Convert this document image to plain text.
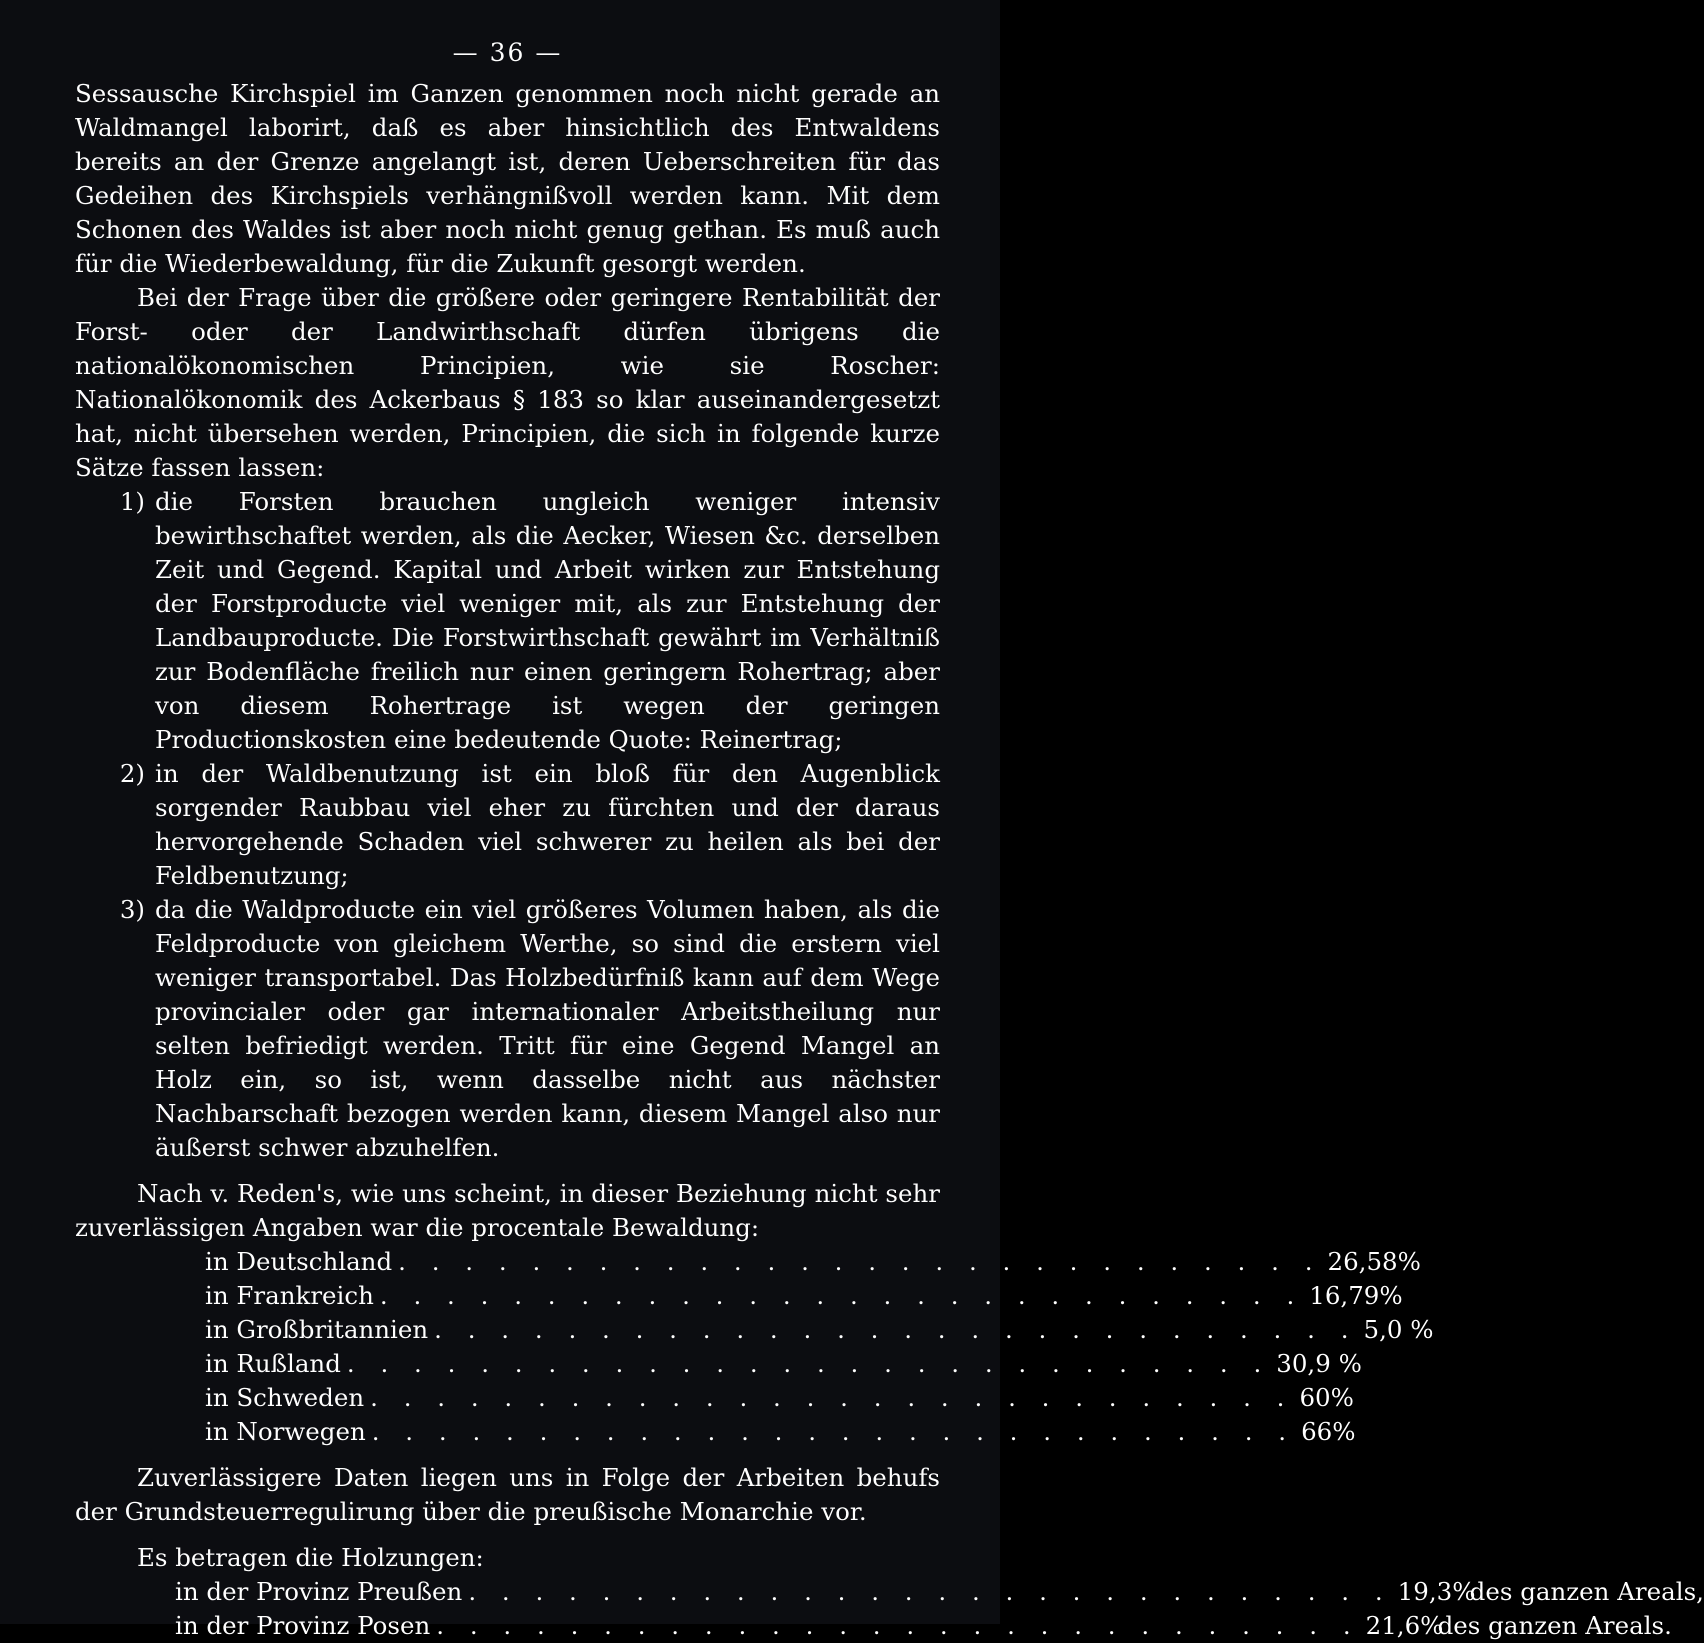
— 36 —

Sessausche Kirchspiel im Ganzen genommen noch nicht gerade an Waldmangel laborirt, daß es aber hinsichtlich des Entwaldens bereits an der Grenze angelangt ist, deren Ueberschreiten für das Gedeihen des Kirchspiels verhängnißvoll werden kann. Mit dem Schonen des Waldes ist aber noch nicht genug gethan. Es muß auch für die Wiederbewaldung, für die Zukunft gesorgt werden.

Bei der Frage über die größere oder geringere Rentabilität der Forst- oder der Landwirthschaft dürfen übrigens die nationalökonomischen Principien, wie sie Roscher: Nationalökonomik des Ackerbaus § 183 so klar auseinandergesetzt hat, nicht übersehen werden, Principien, die sich in folgende kurze Sätze fassen lassen:

1) die Forsten brauchen ungleich weniger intensiv bewirthschaftet werden, als die Aecker, Wiesen &c. derselben Zeit und Gegend. Kapital und Arbeit wirken zur Entstehung der Forstproducte viel weniger mit, als zur Entstehung der Landbauproducte. Die Forstwirthschaft gewährt im Verhältniß zur Bodenfläche freilich nur einen geringern Rohertrag; aber von diesem Rohertrage ist wegen der geringen Productionskosten eine bedeutende Quote: Reinertrag;
2) in der Waldbenutzung ist ein bloß für den Augenblick sorgender Raubbau viel eher zu fürchten und der daraus hervorgehende Schaden viel schwerer zu heilen als bei der Feldbenutzung;
3) da die Waldproducte ein viel größeres Volumen haben, als die Feldproducte von gleichem Werthe, so sind die erstern viel weniger transportabel. Das Holzbedürfniß kann auf dem Wege provincialer oder gar internationaler Arbeitstheilung nur selten befriedigt werden. Tritt für eine Gegend Mangel an Holz ein, so ist, wenn dasselbe nicht aus nächster Nachbarschaft bezogen werden kann, diesem Mangel also nur äußerst schwer abzuhelfen.

Nach v. Reden's, wie uns scheint, in dieser Beziehung nicht sehr zuverlässigen Angaben war die procentale Bewaldung:

in Deutschland . . . . . . . . . . . . . . . . . . . . . . . . . . . . 26,58%
in Frankreich . . . . . . . . . . . . . . . . . . . . . . . . . . . . 16,79%
in Großbritannien . . . . . . . . . . . . . . . . . . . . . . . . . . . . 5,0 %
in Rußland . . . . . . . . . . . . . . . . . . . . . . . . . . . . 30,9 %
in Schweden . . . . . . . . . . . . . . . . . . . . . . . . . . . . 60%
in Norwegen . . . . . . . . . . . . . . . . . . . . . . . . . . . . 66%

Zuverlässigere Daten liegen uns in Folge der Arbeiten behufs der Grundsteuerregulirung über die preußische Monarchie vor.

Es betragen die Holzungen:

in der Provinz Preußen . . . . . . . . . . . . . . . . . . . . . . . . . . . . 19,3%
des ganzen Areals,
in der Provinz Posen . . . . . . . . . . . . . . . . . . . . . . . . . . . . 21,6%
des ganzen Areals.
